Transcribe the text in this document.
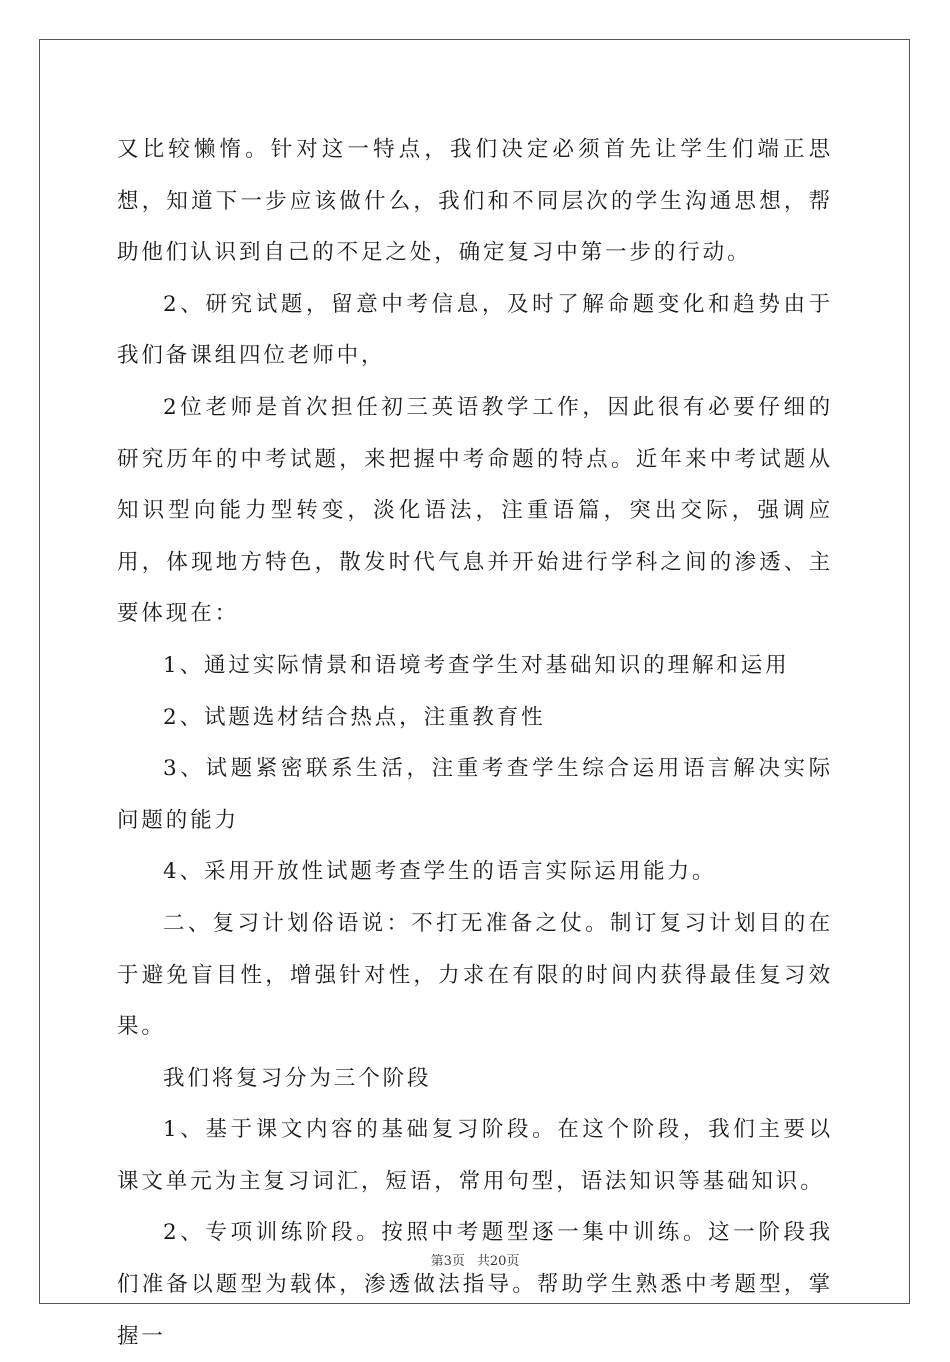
又比较懒惰。针对这一特点，我们决定必须首先让学生们端正思想，知道下一步应该做什么，我们和不同层次的学生沟通思想，帮助他们认识到自己的不足之处，确定复习中第一步的行动。

2、研究试题，留意中考信息，及时了解命题变化和趋势由于我们备课组四位老师中，

2位老师是首次担任初三英语教学工作，因此很有必要仔细的研究历年的中考试题，来把握中考命题的特点。近年来中考试题从知识型向能力型转变，淡化语法，注重语篇，突出交际，强调应用，体现地方特色，散发时代气息并开始进行学科之间的渗透、主要体现在：

1、通过实际情景和语境考查学生对基础知识的理解和运用

2、试题选材结合热点，注重教育性

3、试题紧密联系生活，注重考查学生综合运用语言解决实际问题的能力

4、采用开放性试题考查学生的语言实际运用能力。

二、复习计划俗语说：不打无准备之仗。制订复习计划目的在于避免盲目性，增强针对性，力求在有限的时间内获得最佳复习效果。

我们将复习分为三个阶段

1、基于课文内容的基础复习阶段。在这个阶段，我们主要以课文单元为主复习词汇，短语，常用句型，语法知识等基础知识。

2、专项训练阶段。按照中考题型逐一集中训练。这一阶段我们准备以题型为载体，渗透做法指导。帮助学生熟悉中考题型，掌握一

第3页 共20页
